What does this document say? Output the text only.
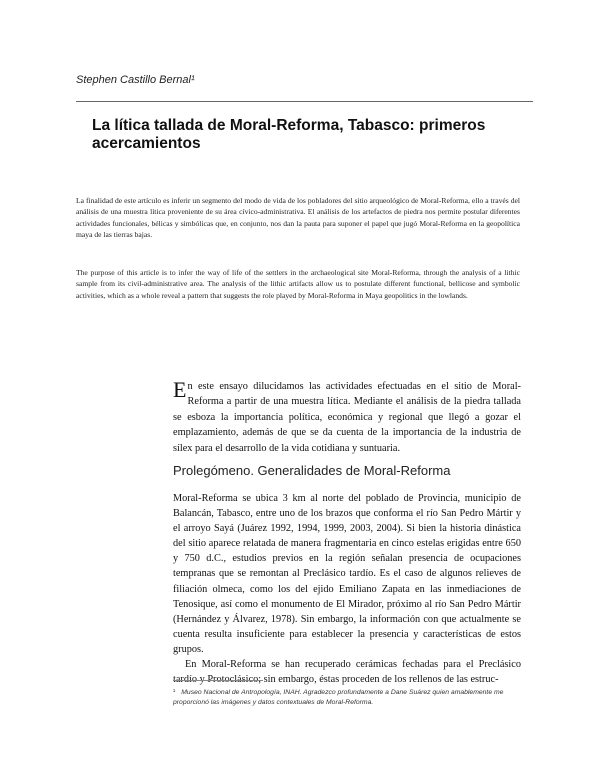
Stephen Castillo Bernal¹
La lítica tallada de Moral-Reforma, Tabasco: primeros acercamientos
La finalidad de este artículo es inferir un segmento del modo de vida de los pobladores del sitio arqueológico de Moral-Reforma, ello a través del análisis de una muestra lítica proveniente de su área cívico-administrativa. El análisis de los artefactos de piedra nos permite postular diferentes actividades funcionales, bélicas y simbólicas que, en conjunto, nos dan la pauta para suponer el papel que jugó Moral-Reforma en la geopolítica maya de las tierras bajas.
The purpose of this article is to infer the way of life of the settlers in the archaeological site Moral-Reforma, through the analysis of a lithic sample from its civil-administrative area. The analysis of the lithic artifacts allow us to postulate different functional, bellicose and symbolic activities, which as a whole reveal a pattern that suggests the role played by Moral-Reforma in Maya geopolitics in the lowlands.
En este ensayo dilucidamos las actividades efectuadas en el sitio de Moral-Reforma a partir de una muestra lítica. Mediante el análisis de la piedra tallada se esboza la importancia política, económica y regional que llegó a gozar el emplazamiento, además de que se da cuenta de la importancia de la industria de sílex para el desarrollo de la vida cotidiana y suntuaria.
Prolegómeno. Generalidades de Moral-Reforma

Moral-Reforma se ubica 3 km al norte del poblado de Provincia, municipio de Balancán, Tabasco, entre uno de los brazos que conforma el río San Pedro Mártir y el arroyo Sayá (Juárez 1992, 1994, 1999, 2003, 2004). Si bien la historia dinástica del sitio aparece relatada de manera fragmentaria en cinco estelas erigidas entre 650 y 750 d.C., estudios previos en la región señalan presencia de ocupaciones tempranas que se remontan al Preclásico tardío. Es el caso de algunos relieves de filiación olmeca, como los del ejido Emiliano Zapata en las inmediaciones de Tenosique, así como el monumento de El Mirador, próximo al río San Pedro Mártir (Hernández y Álvarez, 1978). Sin embargo, la información con que actualmente se cuenta resulta insuficiente para establecer la presencia y características de estos grupos.

En Moral-Reforma se han recuperado cerámicas fechadas para el Preclásico tardío y Protoclásico; sin embargo, éstas proceden de los rellenos de las estruc-

¹ Museo Nacional de Antropología, INAH. Agradezco profundamente a Dane Suárez quien amablemente me proporcionó las imágenes y datos contextuales de Moral-Reforma.
